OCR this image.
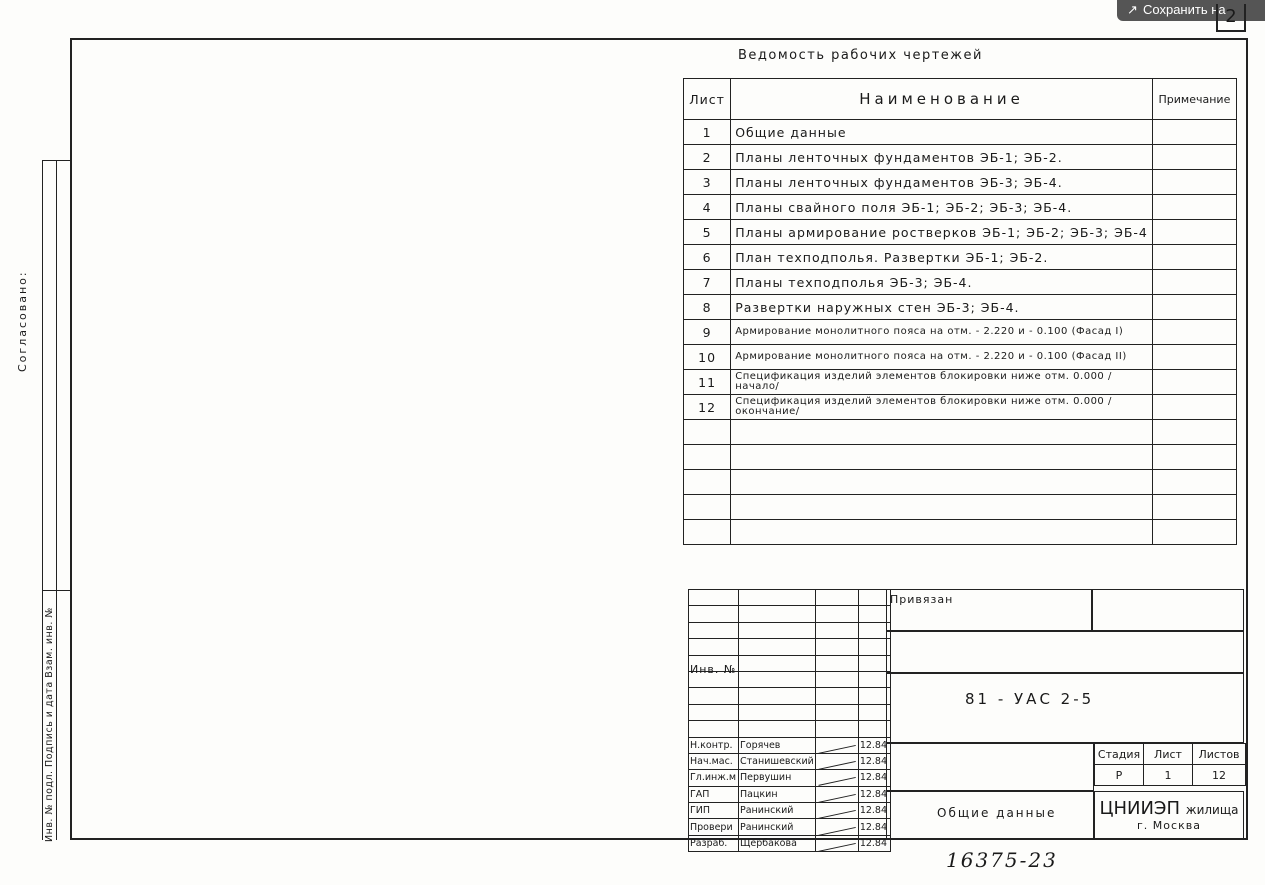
↗ Сохранить на 2
Согласовано:
Инв. № подл. Подпись и дата Взам. инв. №
Ведомость рабочих чертежей
Лист	Наименование	Примечание
1	Общие данные	
2	Планы ленточных фундаментов ЭБ-1; ЭБ-2.	
3	Планы ленточных фундаментов ЭБ-3; ЭБ-4.	
4	Планы свайного поля ЭБ-1; ЭБ-2; ЭБ-3; ЭБ-4.	
5	Планы армирование ростверков ЭБ-1; ЭБ-2; ЭБ-3; ЭБ-4	
6	План техподполья. Развертки ЭБ-1; ЭБ-2.	
7	Планы техподполья ЭБ-3; ЭБ-4.	
8	Развертки наружных стен ЭБ-3; ЭБ-4.	
9	Армирование монолитного пояса на отм. - 2.220 и - 0.100 (Фасад I)	
10	Армирование монолитного пояса на отм. - 2.220 и - 0.100 (Фасад II)	
11	Спецификация изделий элементов блокировки ниже отм. 0.000 / начало/	
12	Спецификация изделий элементов блокировки ниже отм. 0.000 / окончание/	

Н.контр.	Горячев		12.84
Нач.мас.	Станишевский		12.84
Гл.инж.м	Первушин		12.84
ГАП	Пацкин		12.84
ГИП	Ранинский		12.84
Провери	Ранинский		12.84
Разраб.	Щербакова		12.84
Инв. №
Привязан
81 - УАС 2-5
Стадия	Лист	Листов
Р	1	12
Общие данные	ЦНИИЭП жилища
г. Москва
16375-23
